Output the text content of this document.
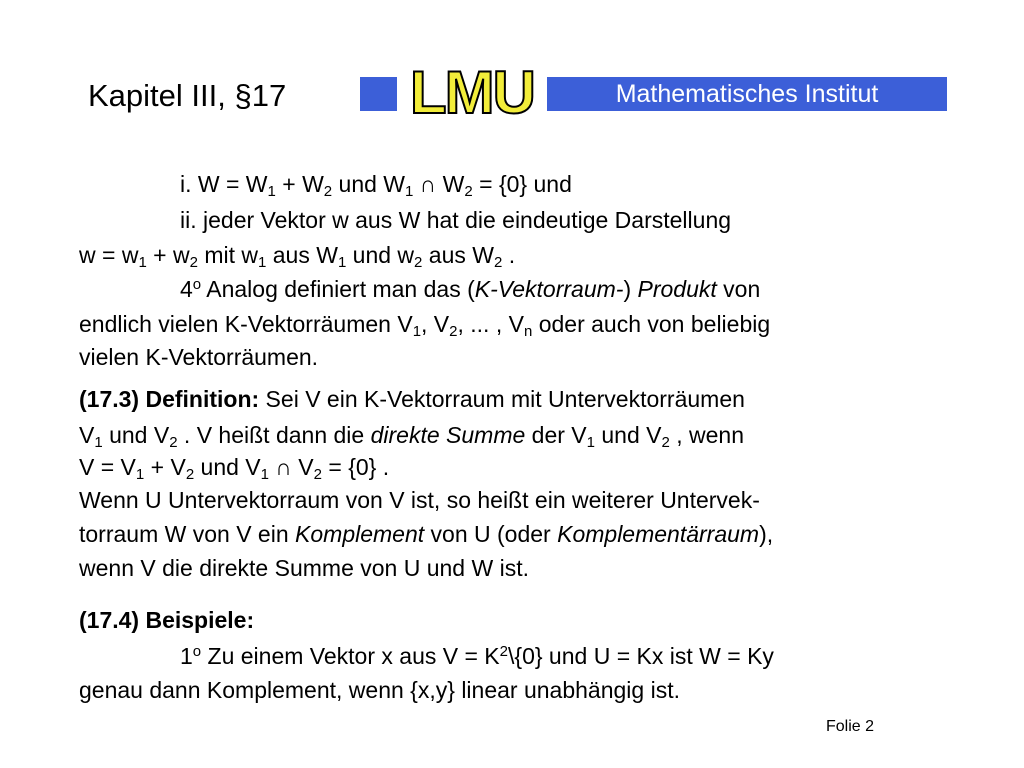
Kapitel III, §17 LMU	Mathematisches Institut
i. $W = W_1 + W_2$ und $W_1$ ∩ $W_2 = \{0\}$ und
ii. jeder Vektor w aus W hat die eindeutige Darstellung
$w = w_1 + w_2$ mit $w_1$ aus $W_1$ und $w_2$ aus $W_2$ .
4$^o$ Analog definiert man das (K-Vektorraum-) Produkt von
endlich vielen K-Vektorräumen $V_1$, $V_2$, ... , $V_n$ oder auch von beliebig
vielen K-Vektorräumen.
(17.3) Definition: Sei V ein K-Vektorraum mit Untervektorräumen
$V_1$ und $V_2$ . V heißt dann die direkte Summe der $V_1$ und $V_2$ , wenn
$V = V_1 + V_2$ und $V_1$ ∩ $V_2 = \{0\}$ .
Wenn U Untervektorraum von V ist, so heißt ein weiterer Untervek-
torraum W von V ein Komplement von U (oder Komplementärraum),
wenn V die direkte Summe von U und W ist.
(17.4) Beispiele:
1$^o$ Zu einem Vektor x aus $V = K^2\backslash\{0\}$ und U = Kx ist W = Ky
genau dann Komplement, wenn {x,y} linear unabhängig ist.
Folie 2
